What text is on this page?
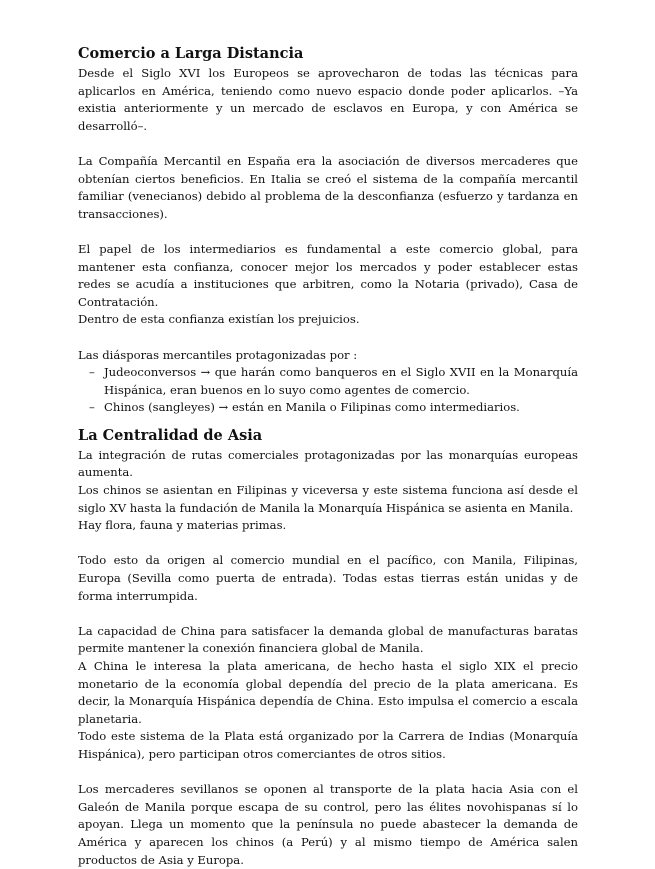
Comercio a Larga Distancia

Desde el Siglo XVI los Europeos se aprovecharon de todas las técnicas para aplicarlos en América, teniendo como nuevo espacio donde poder aplicarlos. –Ya existia anteriormente y un mercado de esclavos en Europa, y con América se desarrolló–.

La Compañía Mercantil en España era la asociación de diversos mercaderes que obtenían ciertos beneficios. En Italia se creó el sistema de la compañía mercantil familiar (venecianos) debido al problema de la desconfianza (esfuerzo y tardanza en transacciones).

El papel de los intermediarios es fundamental a este comercio global, para mantener esta confianza, conocer mejor los mercados y poder establecer estas redes se acudía a instituciones que arbitren, como la Notaria (privado), Casa de Contratación.

Dentro de esta confianza existían los prejuicios.

Las diásporas mercantiles protagonizadas por :

– Judeoconversos → que harán como banqueros en el Siglo XVII en la Monarquía Hispánica, eran buenos en lo suyo como agentes de comercio.
– Chinos (sangleyes) → están en Manila o Filipinas como intermediarios.
La Centralidad de Asia

La integración de rutas comerciales protagonizadas por las monarquías europeas aumenta.

Los chinos se asientan en Filipinas y viceversa y este sistema funciona así desde el siglo XV hasta la fundación de Manila la Monarquía Hispánica se asienta en Manila.

Hay flora, fauna y materias primas.

Todo esto da origen al comercio mundial en el pacífico, con Manila, Filipinas, Europa (Sevilla como puerta de entrada). Todas estas tierras están unidas y de forma interrumpida.

La capacidad de China para satisfacer la demanda global de manufacturas baratas permite mantener la conexión financiera global de Manila.

A China le interesa la plata americana, de hecho hasta el siglo XIX el precio monetario de la economía global dependía del precio de la plata americana. Es decir, la Monarquía Hispánica dependía de China. Esto impulsa el comercio a escala planetaria.

Todo este sistema de la Plata está organizado por la Carrera de Indias (Monarquía Hispánica), pero participan otros comerciantes de otros sitios.

Los mercaderes sevillanos se oponen al transporte de la plata hacia Asia con el Galeón de Manila porque escapa de su control, pero las élites novohispanas sí lo apoyan. Llega un momento que la península no puede abastecer la demanda de América y aparecen los chinos (a Perú) y al mismo tiempo de América salen productos de Asia y Europa.
